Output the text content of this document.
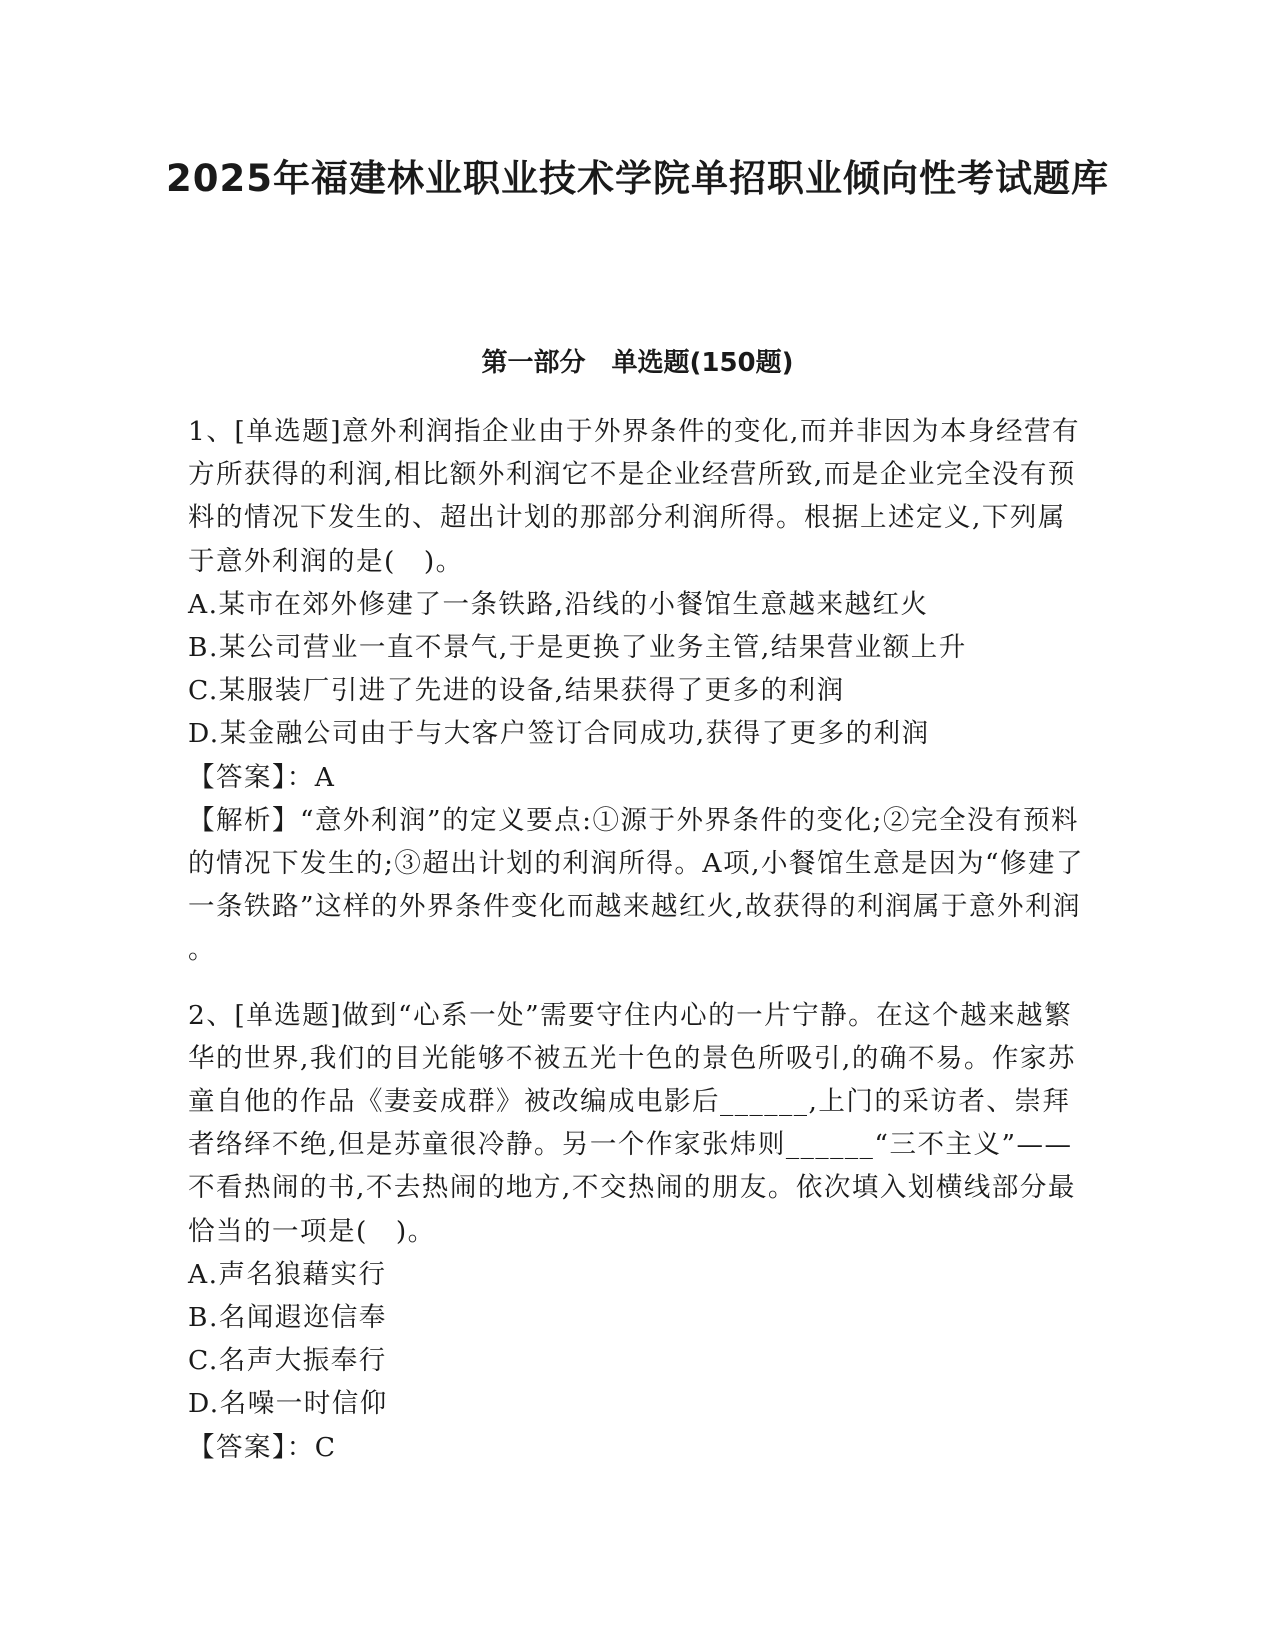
2025年福建林业职业技术学院单招职业倾向性考试题库
第一部分　单选题(150题)

1、[单选题]意外利润指企业由于外界条件的变化,而并非因为本身经营有方所获得的利润,相比额外利润它不是企业经营所致,而是企业完全没有预料的情况下发生的、超出计划的那部分利润所得。根据上述定义,下列属于意外利润的是(　)。

A.某市在郊外修建了一条铁路,沿线的小餐馆生意越来越红火

B.某公司营业一直不景气,于是更换了业务主管,结果营业额上升

C.某服装厂引进了先进的设备,结果获得了更多的利润

D.某金融公司由于与大客户签订合同成功,获得了更多的利润

【答案】：A

【解析】“意外利润”的定义要点:①源于外界条件的变化;②完全没有预料的情况下发生的;③超出计划的利润所得。A项,小餐馆生意是因为“修建了一条铁路”这样的外界条件变化而越来越红火,故获得的利润属于意外利润。

2、[单选题]做到“心系一处”需要守住内心的一片宁静。在这个越来越繁华的世界,我们的目光能够不被五光十色的景色所吸引,的确不易。作家苏童自他的作品《妻妾成群》被改编成电影后______,上门的采访者、崇拜者络绎不绝,但是苏童很冷静。另一个作家张炜则______“三不主义”——不看热闹的书,不去热闹的地方,不交热闹的朋友。依次填入划横线部分最恰当的一项是(　)。

A.声名狼藉实行

B.名闻遐迩信奉

C.名声大振奉行

D.名噪一时信仰

【答案】：C
